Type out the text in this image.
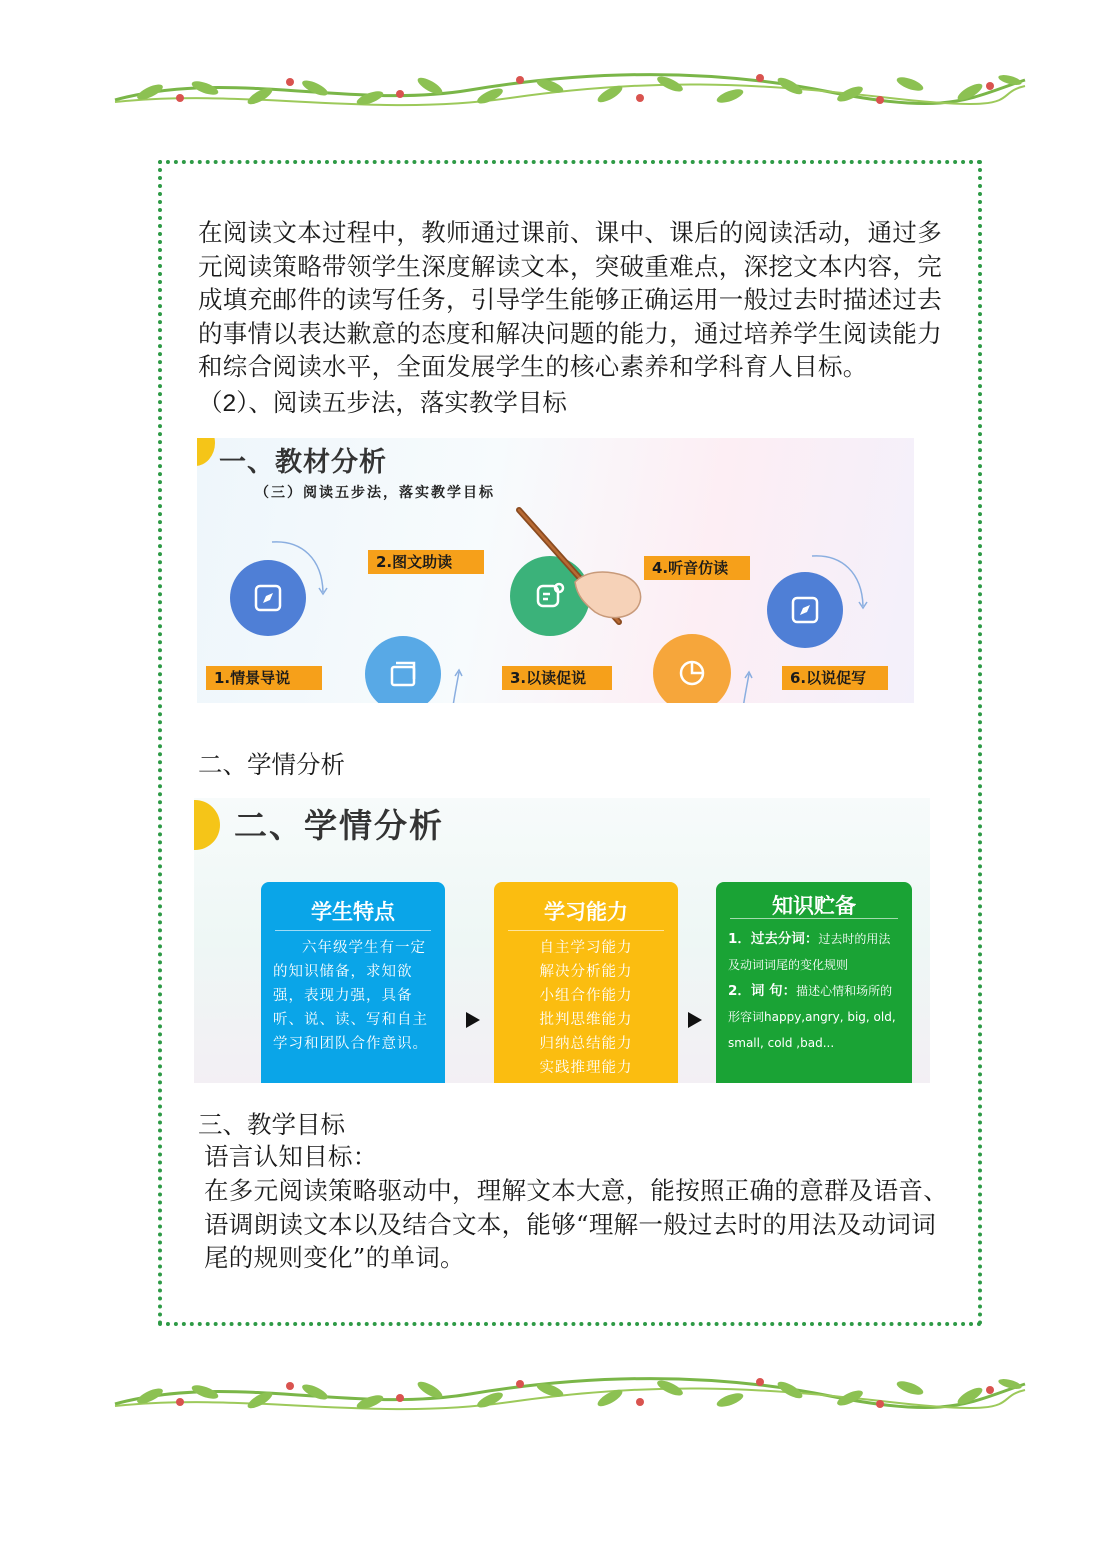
在阅读文本过程中，教师通过课前、课中、课后的阅读活动，通过多元阅读策略带领学生深度解读文本，突破重难点，深挖文本内容，完成填充邮件的读写任务，引导学生能够正确运用一般过去时描述过去的事情以表达歉意的态度和解决问题的能力，通过培养学生阅读能力和综合阅读水平，全面发展学生的核心素养和学科育人目标。

（2）、阅读五步法，落实教学目标

一、教材分析
（三）阅读五步法，落实教学目标
1.情景导说
2.图文助读
3.以读促说
4.听音仿读
6.以说促写

二、学情分析

二、学情分析
学生特点
六年级学生有一定的知识储备，求知欲强，表现力强，具备听、说、读、写和自主学习和团队合作意识。
学习能力
自主学习能力
解决分析能力
小组合作能力
批判思维能力
归纳总结能力
实践推理能力
知识贮备
1．过去分词：过去时的用法及动词词尾的变化规则
2．词 句：描述心情和场所的形容词happy,angry, big, old, small, cold ,bad...

三、教学目标

语言认知目标：

在多元阅读策略驱动中，理解文本大意，能按照正确的意群及语音、语调朗读文本以及结合文本，能够“理解一般过去时的用法及动词词尾的规则变化”的单词。
